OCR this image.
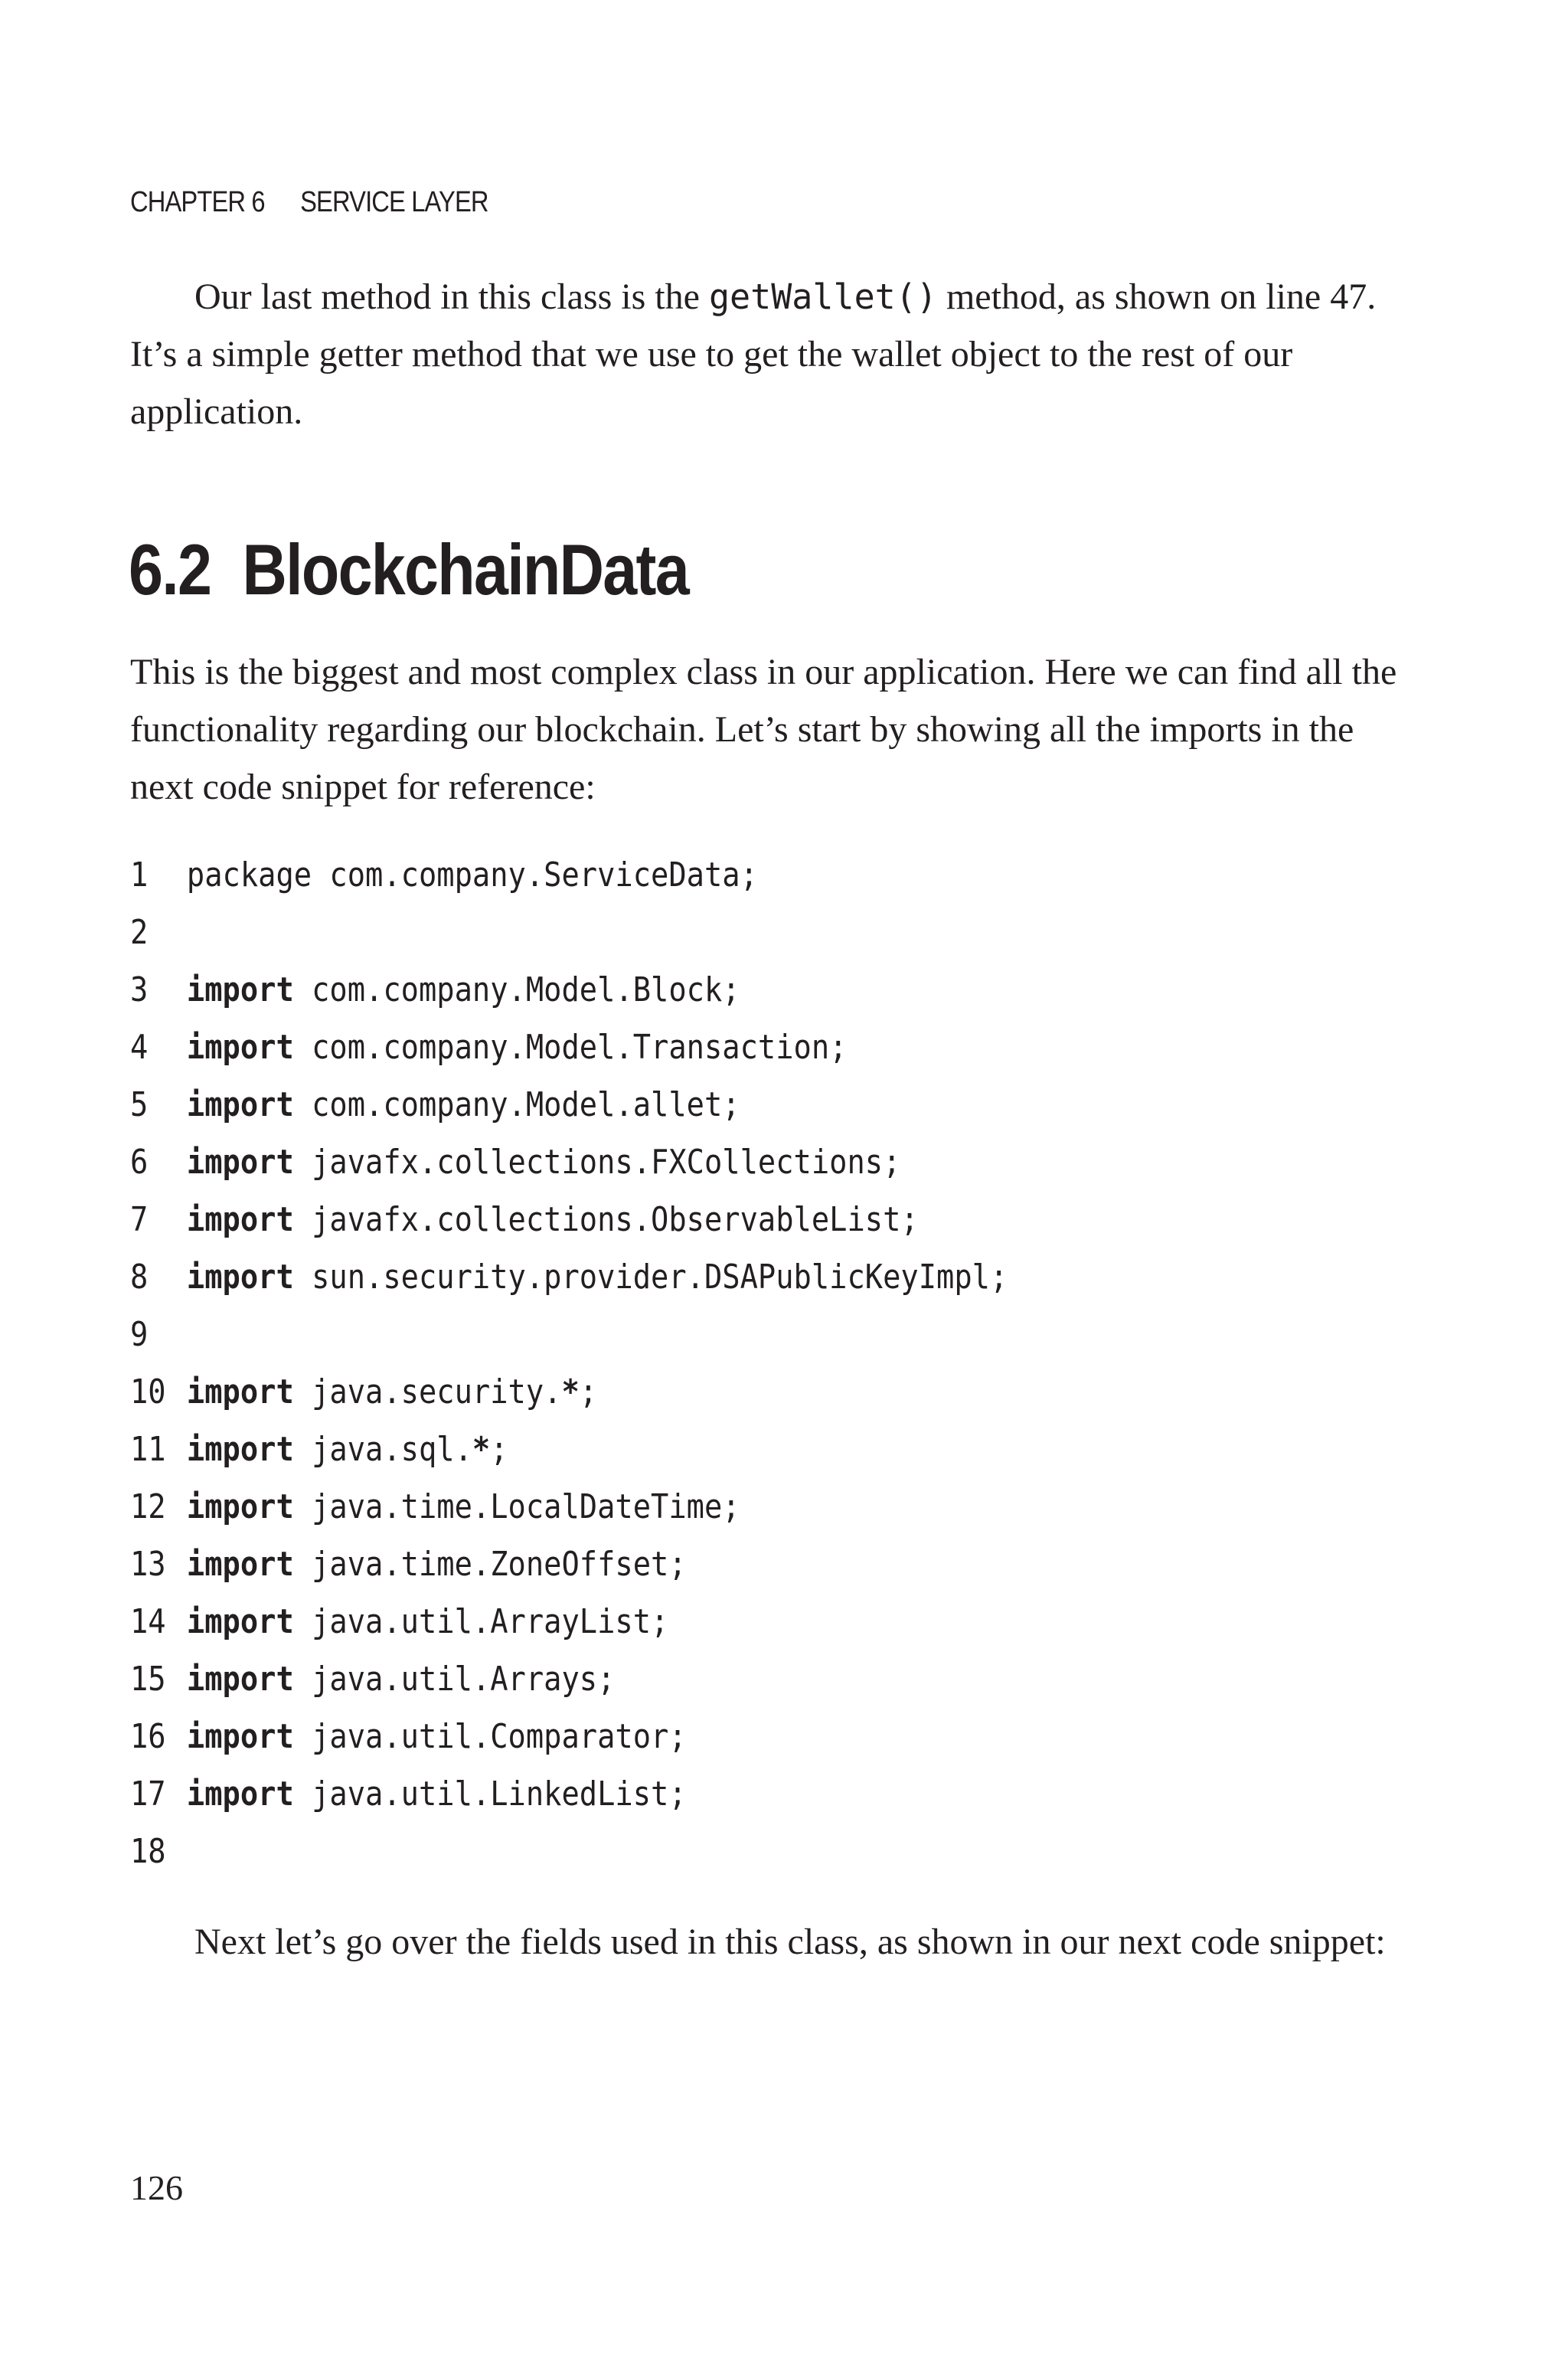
CHAPTER 6 SERVICE LAYER

Our last method in this class is the getWallet() method, as shown on line 47. It’s a simple getter method that we use to get the wallet object to the rest of our application.

6.2 BlockchainData

This is the biggest and most complex class in our application. Here we can find all the functionality regarding our blockchain. Let’s start by showing all the imports in the next code snippet for reference:

1 package com.company.ServiceData;
2
3 import com.company.Model.Block;
4 import com.company.Model.Transaction;
5 import com.company.Model.allet;
6 import javafx.collections.FXCollections;
7 import javafx.collections.ObservableList;
8 import sun.security.provider.DSAPublicKeyImpl;
9
10 import java.security.*;
11 import java.sql.*;
12 import java.time.LocalDateTime;
13 import java.time.ZoneOffset;
14 import java.util.ArrayList;
15 import java.util.Arrays;
16 import java.util.Comparator;
17 import java.util.LinkedList;
18

Next let’s go over the fields used in this class, as shown in our next code snippet:

126
